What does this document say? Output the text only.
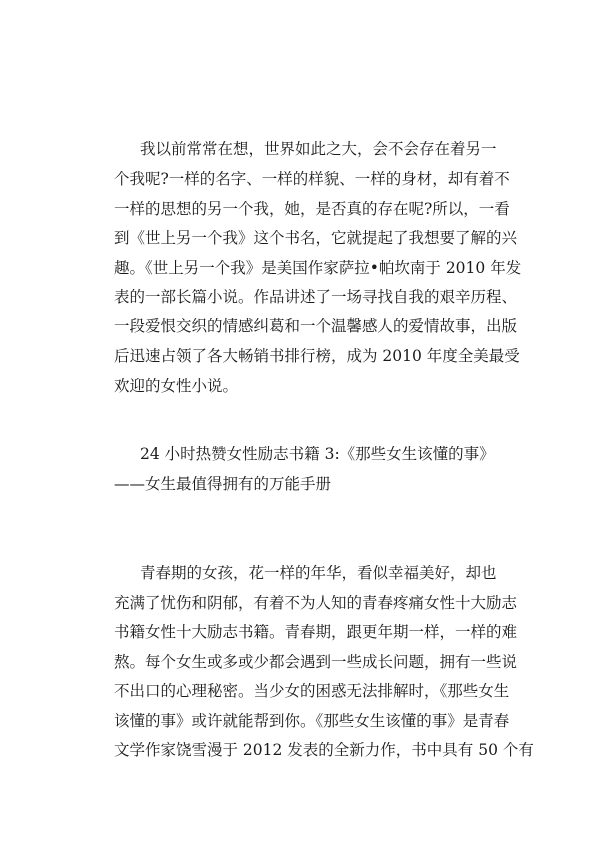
我以前常常在想，世界如此之大，会不会存在着另一
个我呢?一样的名字、一样的样貌、一样的身材，却有着不
一样的思想的另一个我，她，是否真的存在呢?所以，一看
到《世上另一个我》这个书名，它就提起了我想要了解的兴
趣。《世上另一个我》是美国作家萨拉•帕坎南于 2010 年发
表的一部长篇小说。作品讲述了一场寻找自我的艰辛历程、
一段爱恨交织的情感纠葛和一个温馨感人的爱情故事，出版
后迅速占领了各大畅销书排行榜，成为 2010 年度全美最受
欢迎的女性小说。
24 小时热赞女性励志书籍 3:《那些女生该懂的事》
——女生最值得拥有的万能手册
青春期的女孩，花一样的年华，看似幸福美好，却也
充满了忧伤和阴郁，有着不为人知的青春疼痛女性十大励志
书籍女性十大励志书籍。青春期，跟更年期一样，一样的难
熬。每个女生或多或少都会遇到一些成长问题，拥有一些说
不出口的心理秘密。当少女的困惑无法排解时，《那些女生
该懂的事》或许就能帮到你。《那些女生该懂的事》是青春
文学作家饶雪漫于 2012 发表的全新力作，书中具有 50 个有
